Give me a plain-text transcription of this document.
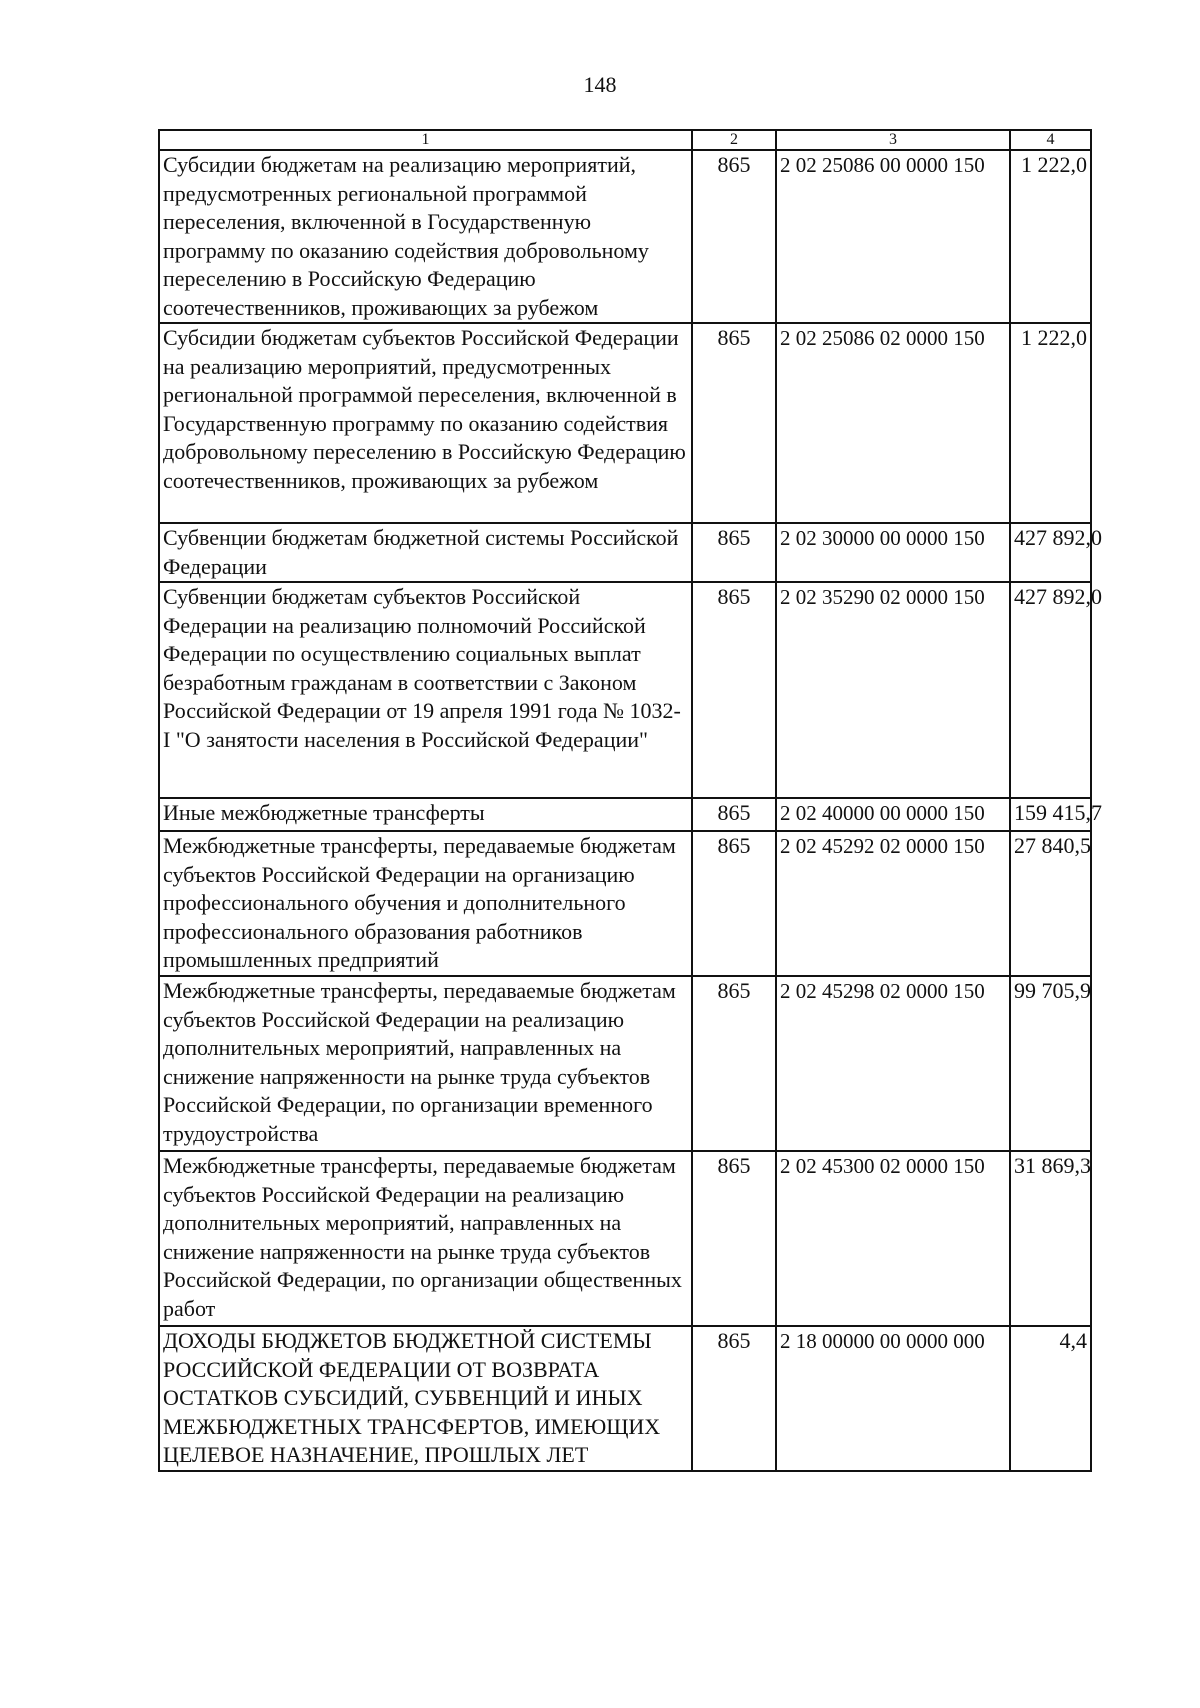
148
1	2	3	4
Субсидии бюджетам на реализацию мероприятий, предусмотренных региональной программой переселения, включенной в Государственную программу по оказанию содействия добровольному переселению в Российскую Федерацию соотечественников, проживающих за рубежом	865	2 02 25086 00 0000 150	1 222,0
Субсидии бюджетам субъектов Российской Федерации на реализацию мероприятий, предусмотренных региональной программой переселения, включенной в Государственную программу по оказанию содействия добровольному переселению в Российскую Федерацию соотечественников, проживающих за рубежом	865	2 02 25086 02 0000 150	1 222,0
Субвенции бюджетам бюджетной системы Российской Федерации	865	2 02 30000 00 0000 150	427 892,0
Субвенции бюджетам субъектов Российской Федерации на реализацию полномочий Российской Федерации по осуществлению социальных выплат безработным гражданам в соответствии с Законом Российской Федерации от 19 апреля 1991 года № 1032-I "О занятости населения в Российской Федерации"	865	2 02 35290 02 0000 150	427 892,0
Иные межбюджетные трансферты	865	2 02 40000 00 0000 150	159 415,7
Межбюджетные трансферты, передаваемые бюджетам субъектов Российской Федерации на организацию профессионального обучения и дополнительного профессионального образования работников промышленных предприятий	865	2 02 45292 02 0000 150	27 840,5
Межбюджетные трансферты, передаваемые бюджетам субъектов Российской Федерации на реализацию дополнительных мероприятий, направленных на снижение напряженности на рынке труда субъектов Российской Федерации, по организации временного трудоустройства	865	2 02 45298 02 0000 150	99 705,9
Межбюджетные трансферты, передаваемые бюджетам субъектов Российской Федерации на реализацию дополнительных мероприятий, направленных на снижение напряженности на рынке труда субъектов Российской Федерации, по организации общественных работ	865	2 02 45300 02 0000 150	31 869,3
ДОХОДЫ БЮДЖЕТОВ БЮДЖЕТНОЙ СИСТЕМЫ РОССИЙСКОЙ ФЕДЕРАЦИИ ОТ ВОЗВРАТА ОСТАТКОВ СУБСИДИЙ, СУБВЕНЦИЙ И ИНЫХ МЕЖБЮДЖЕТНЫХ ТРАНСФЕРТОВ, ИМЕЮЩИХ ЦЕЛЕВОЕ НАЗНАЧЕНИЕ, ПРОШЛЫХ ЛЕТ	865	2 18 00000 00 0000 000	4,4
